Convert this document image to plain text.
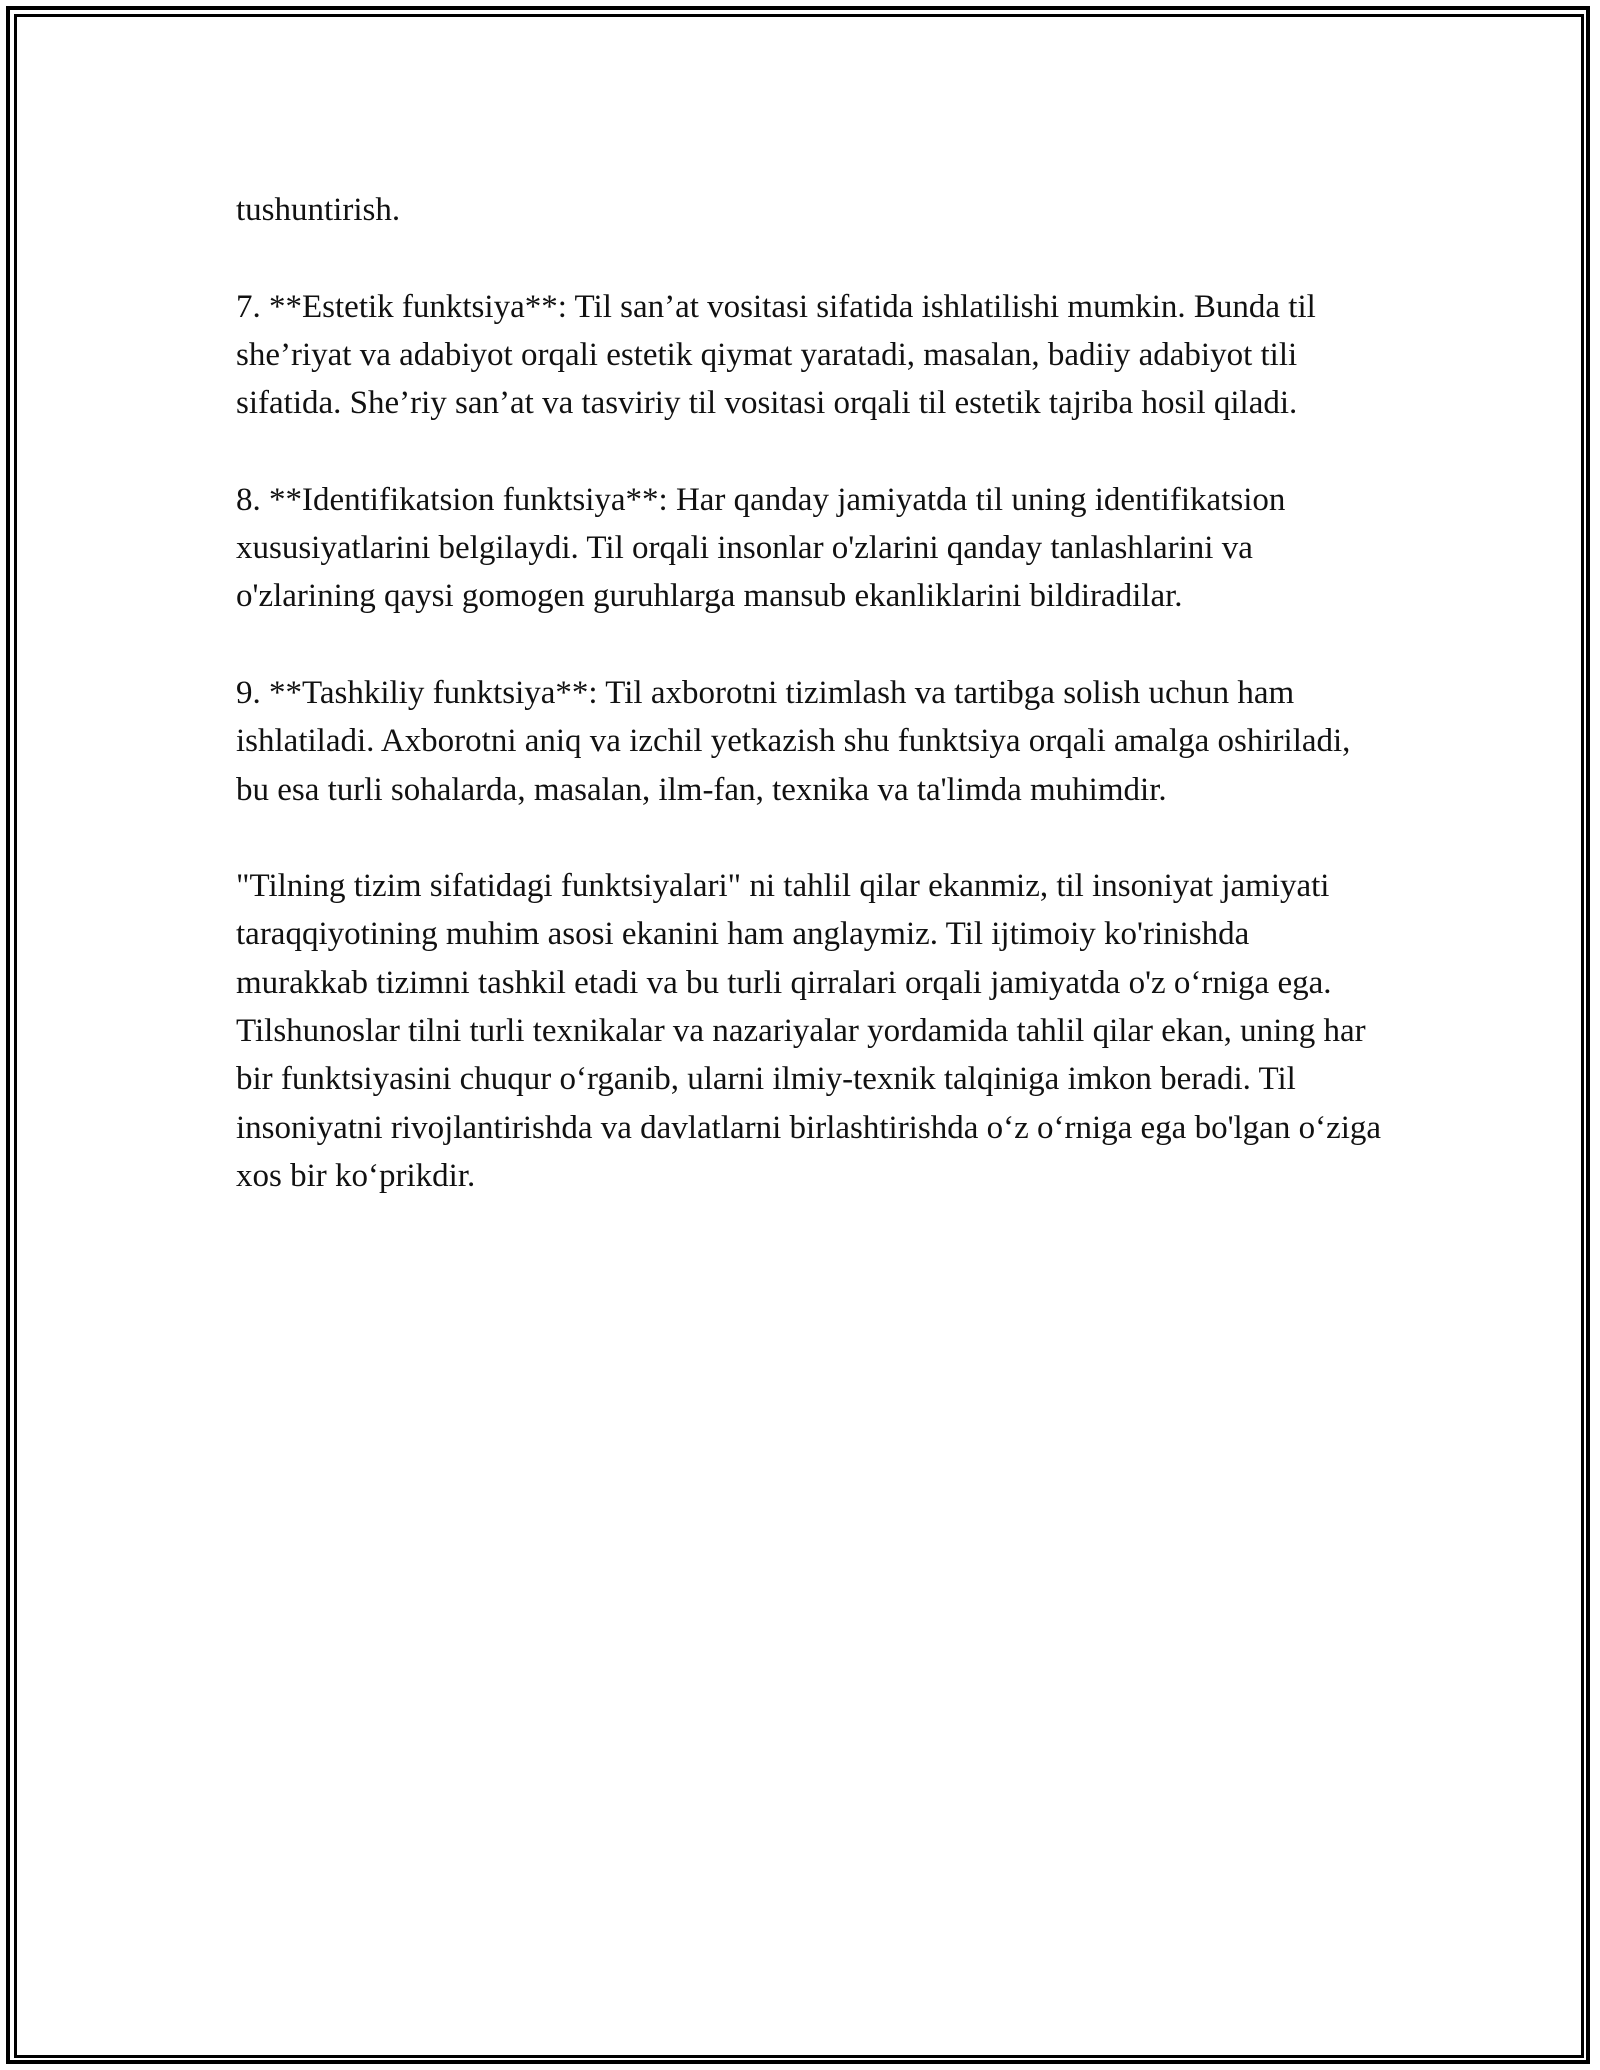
tushuntirish.

7. **Estetik funktsiya**: Til san’at vositasi sifatida ishlatilishi mumkin. Bunda til she’riyat va adabiyot orqali estetik qiymat yaratadi, masalan, badiiy adabiyot tili sifatida. She’riy san’at va tasviriy til vositasi orqali til estetik tajriba hosil qiladi.

8. **Identifikatsion funktsiya**: Har qanday jamiyatda til uning identifikatsion xususiyatlarini belgilaydi. Til orqali insonlar o'zlarini qanday tanlashlarini va o'zlarining qaysi gomogen guruhlarga mansub ekanliklarini bildiradilar.

9. **Tashkiliy funktsiya**: Til axborotni tizimlash va tartibga solish uchun ham ishlatiladi. Axborotni aniq va izchil yetkazish shu funktsiya orqali amalga oshiriladi, bu esa turli sohalarda, masalan, ilm-fan, texnika va ta'limda muhimdir.

"Tilning tizim sifatidagi funktsiyalari" ni tahlil qilar ekanmiz, til insoniyat jamiyati taraqqiyotining muhim asosi ekanini ham anglaymiz. Til ijtimoiy ko'rinishda murakkab tizimni tashkil etadi va bu turli qirralari orqali jamiyatda o'z o‘rniga ega. Tilshunoslar tilni turli texnikalar va nazariyalar yordamida tahlil qilar ekan, uning har bir funktsiyasini chuqur o‘rganib, ularni ilmiy-texnik talqiniga imkon beradi. Til insoniyatni rivojlantirishda va davlatlarni birlashtirishda o‘z o‘rniga ega bo'lgan o‘ziga xos bir ko‘prikdir.
